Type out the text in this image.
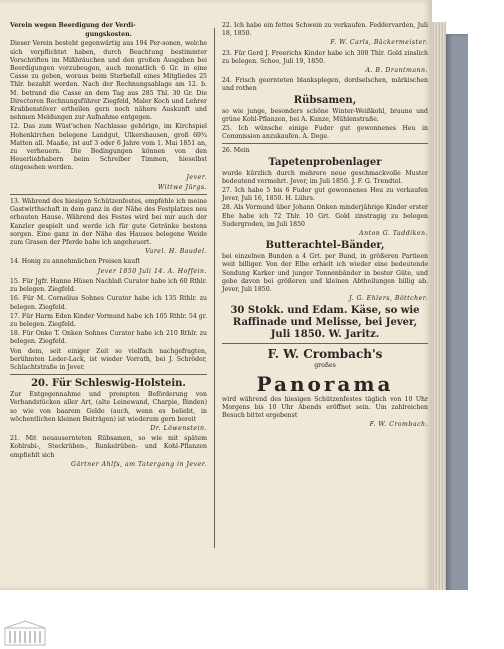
Verein wegen Beerdigung der Verdi-
gungskosten.
Dieser Verein besteht gegenwärtig aus 194 Per-sonen, welche sich verpflichtet haben, durch Beachtung bestimmter Vorschriften im Mißbräuchen und den großen Ausgaben bei Beerdigungen vorzubeugen, auch monatlich 6 Gr. in eine Casse zu geben, woraus beim Sterbefall eines Mitgliedes 25 Thlr. bezahlt werden. Nach der Rechnungsablage am 12. b. M. betrand die Casse an dem Tag aus 285 Thl. 30 Gr. Die Directoren Rechnungsführer Ziegfeld, Maler Koch und Lehrer Krabbenstöver ertheilen gern noch nähere Auskunft und nehmen Meldungen zur Aufnahme entgegen.
12. Das zum Wüst'schen Nachlasse gehörige, im Kirchspiel Hohenkirchen belegene Landgut, Ulkershausen, groß 69¾ Matten all. Maaße, ist auf 3 oder 6 Jahre vom 1. Mai 1851 an, zu verheuern. Die Bedingungen können von den Heuerliebhabern beim Schreiber Timmen, hieselbst eingesehen werden.
Jever.
Wittwe Jürgs.
13. Während des hiesigen Schützenfestes, empfehle ich meine Gastwirthschaft in dem ganz in der Nähe des Festplatzes neu erbauten Hause. Während des Festes wird bei mir auch der Kanzler gespielt und werde ich für gute Getränke bestens sorgen. Eine ganz in der Nähe des Hauses belegene Weide zum Grasen der Pferde habe ich angeheuert.
Varel. H. Baudel.
14. Honig zu annehmlichen Preisen kauft
Jever 1850 Juli 14. A. Hoffein.
15. Für Jgfr. Hanne Hüsen Nachlaß Curator habe ich 60 Rthlr. zu belegen. Ziegfeld.
16. Für M. Cornelius Sohnes Curator habe ich 135 Rthlr. zu belegen. Ziegfeld.
17. Für Harm Eden Kinder Vormund habe ich 105 Rthlr. 54 gr. zu belegen. Ziegfeld.
18. Für Onke T. Onken Sohnes Curator habe ich 210 Rthlr. zu belegen. Ziegfeld.
Von dem, seit einiger Zeit so vielfach nachgefragten, berühmten Leder-Lack, ist wieder Vorrath, bei J. Schröder, Schlachtstraße in Jever.
20. Für Schleswig-Holstein.
Zur Entgegennahme und prompten Beförderung von Verbandstücken aller Art, (alte Leinewand, Charpie, Binden) so wie von baarem Gelde (auch, wenn es beliebt, in wöchentlichen kleinen Beiträgen) ist wiederum gern bereit
Dr. Löwenstein.
21. Mit neuausernteten Rübsamen, so wie mit spätem Kohlrabi-, Steckrüben-, Runkelrüben- und Kohl-Pflanzen empfiehlt sich
Gärtner Ahlfs, am Tatergang in Jever.
22. Ich habe ein fettes Schwein zu verkaufen. Feddervarden, Juli 18, 1850.
F. W. Carls, Bäckermeister.
23. Für Gerd J. Freerichs Kinder habe ich 300 Thlr. Gold zinslich zu belegen. Schoo, Juli 19, 1850.
A. B. Drantmann.
24. Frisch geernteten blanksplegen, dordselschen, märkischen und rothen
Rübsamen,
so wie junge, besonders schöne Winter-Weißkohl, braune und grüne Kohl-Pflanzen, bei A. Kunze, Mühlenstraße.
25. Ich wünsche einige Fuder gut gewonnenes Heu in Commission anzukaufen. A. Dege.
26. Mein
Tapetenprobenlager
wurde kürzlich durch mehrere neue geschmackvolle Muster bedeutend vermehrt. Jever, im Juli 1850. J. F. G. Trendtel.
27. Ich habe 5 bis 6 Fuder gut gewonnenes Heu zu verkaufen Jever, Juli 16, 1850. H. Lührs.
28. Als Vormund über Johann Onken minderjährige Kinder erster Ehe habe ich 72 Thlr. 10 Grt. Gold zinstragig zu belegen Sudergroden, im Juli 1850
Anton G. Taddiken.
Butterachtel-Bänder,
bei einzelnen Bunden a 4 Grt. per Bund, in größeren Partieen weit billiger. Von der Elbe erhielt ich wieder eine bedeutende Sendung Karker und junger Tonnenbänder in bester Güte, und gebe davon bei größeren und kleinen Abtheilungen billig ab. Jever, Juli 1850.
J. G. Ehlers, Böttcher.
30 Stokk. und Edam. Käse, so wie Raffinade und Melisse, bei Jever, Juli 1850. W. Jaritz.
F. W. Crombach's
großes
Panorama
wird während des hiesigen Schützenfestes täglich von 10 Uhr Morgens bis 10 Uhr Abends eröffnet sein. Um zahlreichen Besuch bittet ergebenst
F. W. Crombach.
